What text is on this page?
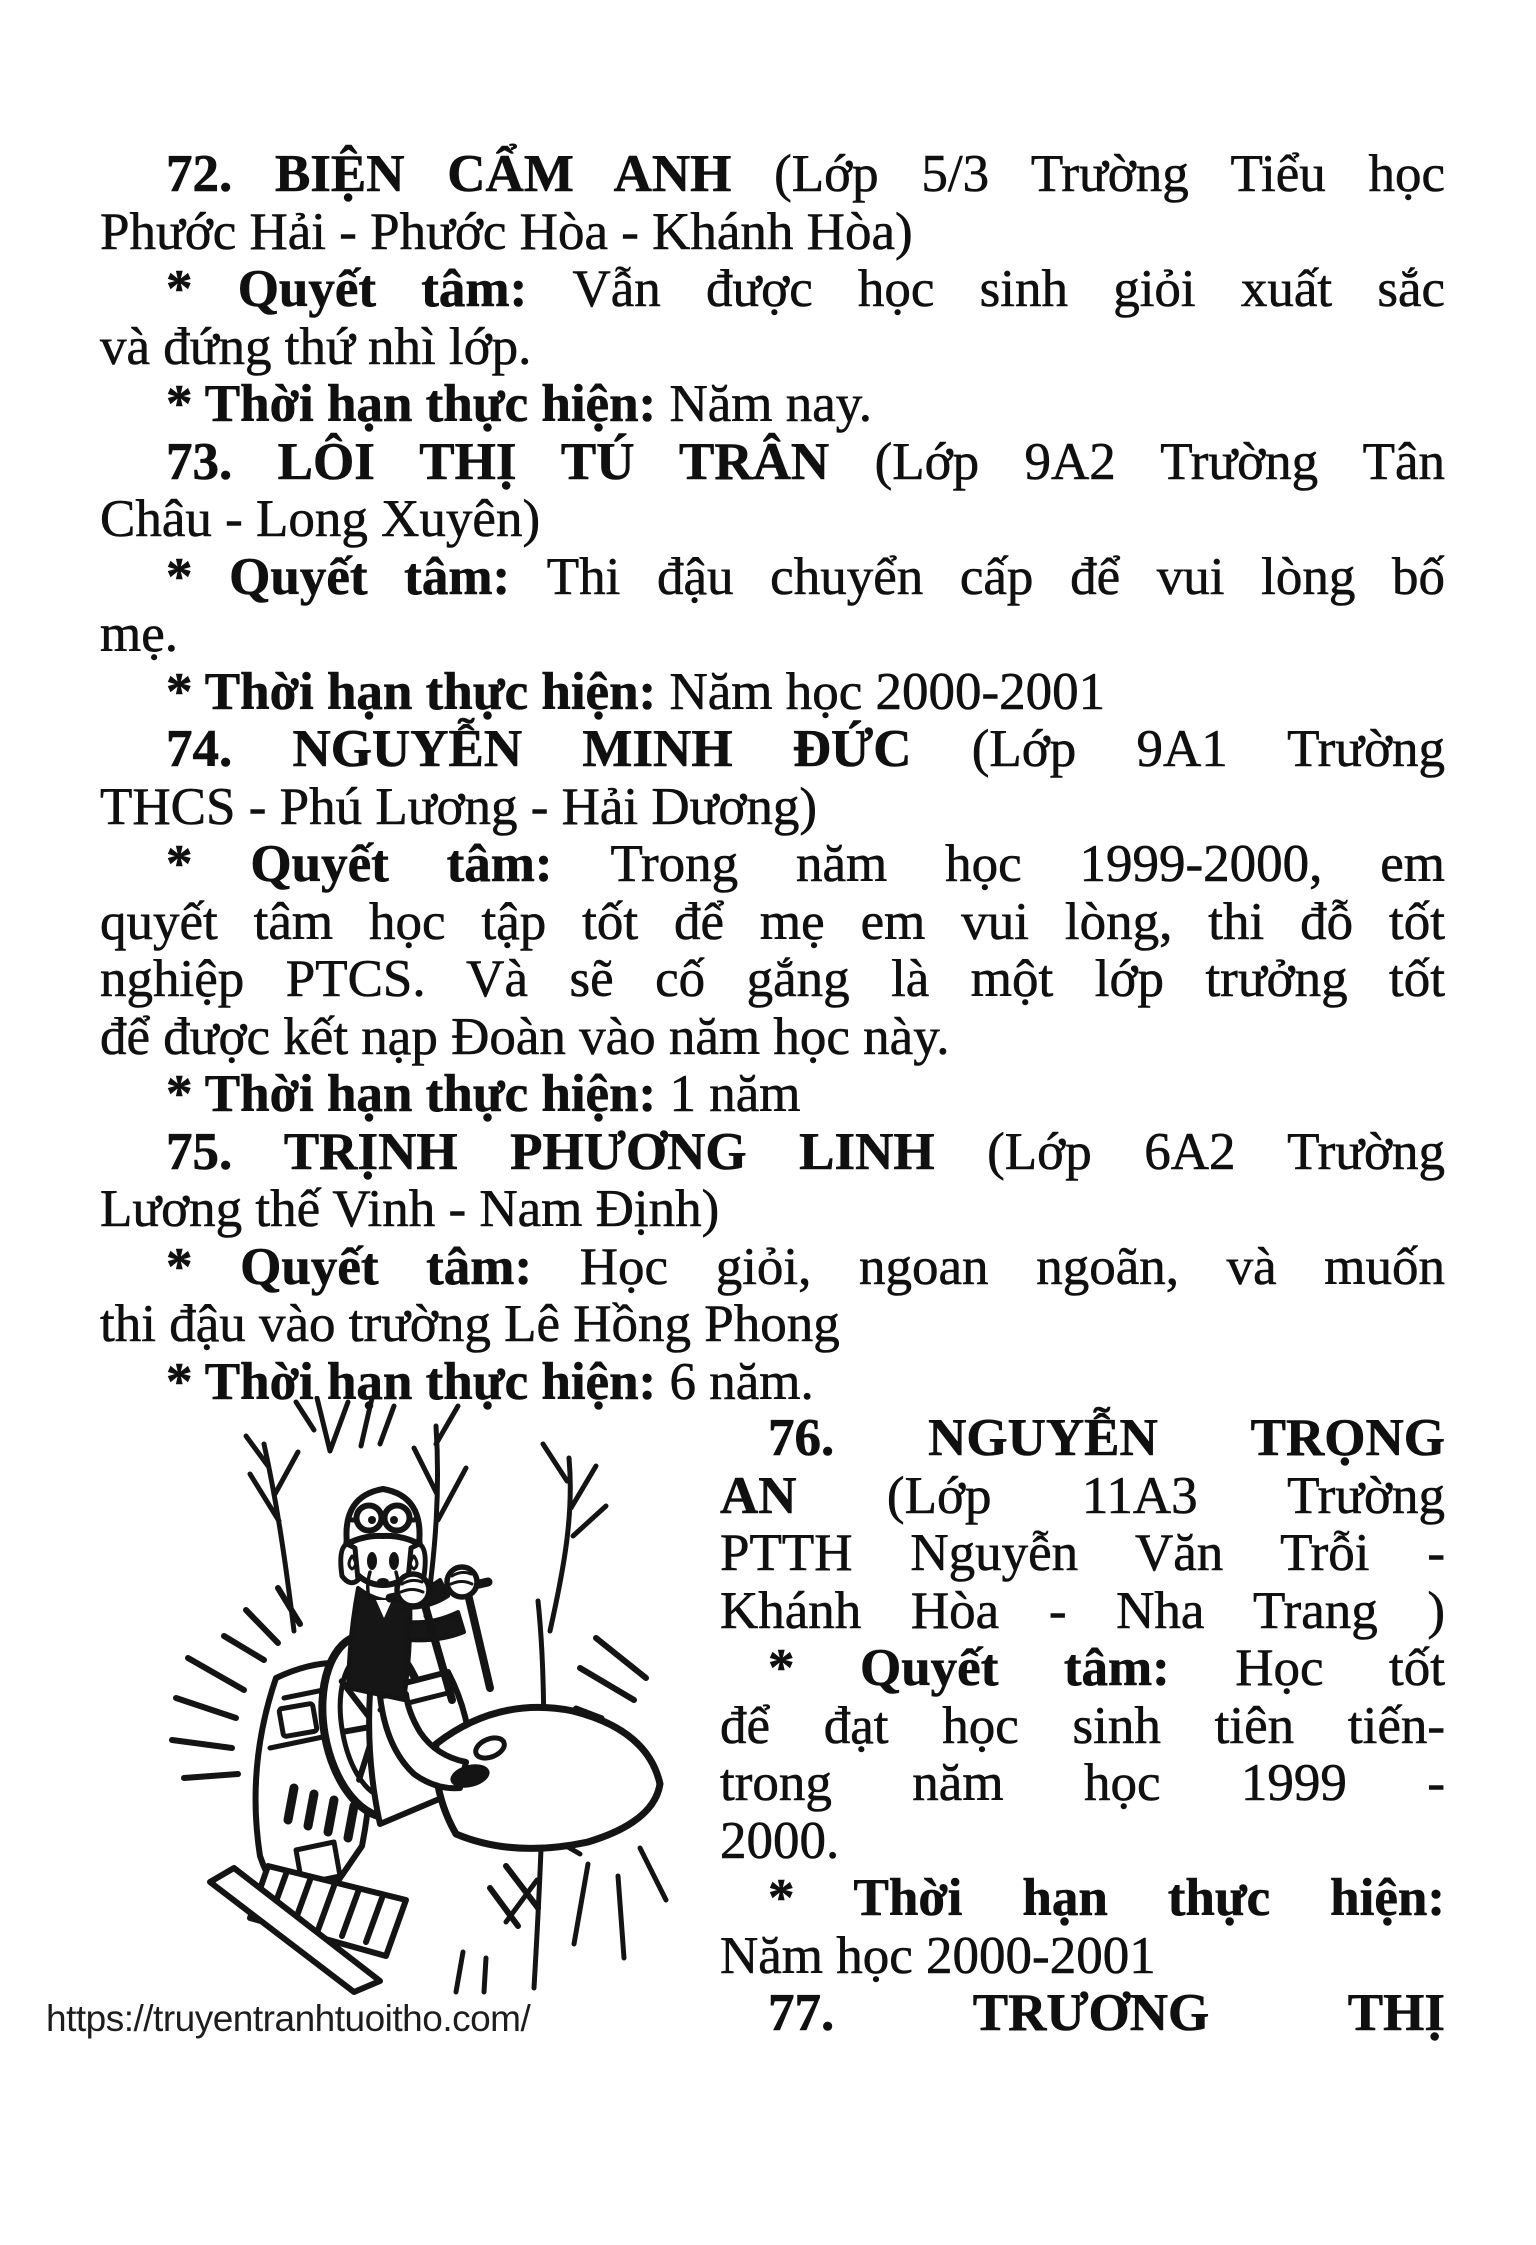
72. BIỆN CẨM ANH (Lớp 5/3 Trường Tiểu học
Phước Hải - Phước Hòa - Khánh Hòa)
* Quyết tâm: Vẫn được học sinh giỏi xuất sắc
và đứng thứ nhì lớp.
* Thời hạn thực hiện: Năm nay.
73. LÔI THỊ TÚ TRÂN (Lớp 9A2 Trường Tân
Châu - Long Xuyên)
* Quyết tâm: Thi đậu chuyển cấp để vui lòng bố
mẹ.
* Thời hạn thực hiện: Năm học 2000-2001
74. NGUYỄN MINH ĐỨC (Lớp 9A1 Trường
THCS - Phú Lương - Hải Dương)
* Quyết tâm: Trong năm học 1999-2000, em
quyết tâm học tập tốt để mẹ em vui lòng, thi đỗ tốt
nghiệp PTCS. Và sẽ cố gắng là một lớp trưởng tốt
để được kết nạp Đoàn vào năm học này.
* Thời hạn thực hiện: 1 năm
75. TRỊNH PHƯƠNG LINH (Lớp 6A2 Trường
Lương thế Vinh - Nam Định)
* Quyết tâm: Học giỏi, ngoan ngoãn, và muốn
thi đậu vào trường Lê Hồng Phong
* Thời hạn thực hiện: 6 năm.
76. NGUYỄN TRỌNG
AN (Lớp 11A3 Trường
PTTH Nguyễn Văn Trỗi -
Khánh Hòa - Nha Trang )
* Quyết tâm: Học tốt
để đạt học sinh tiên tiến-
trong năm học 1999 -
2000.
* Thời hạn thực hiện:
Năm học 2000-2001
77. TRƯƠNG THỊ
https://truyentranhtuoitho.com/
